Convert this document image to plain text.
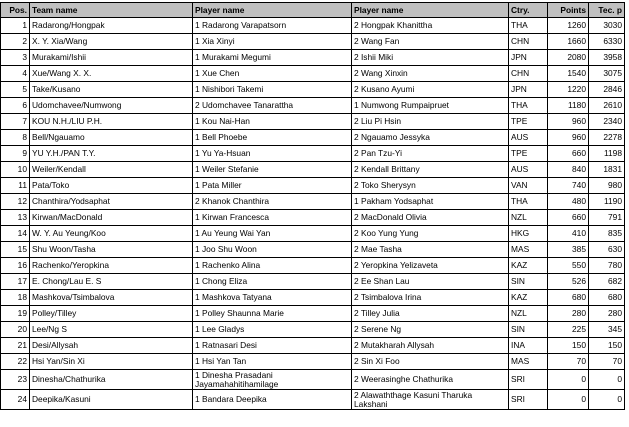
Pos.	Team name	Player name	Player name	Ctry.	Points	Tec. p
1	Radarong/Hongpak	1 Radarong Varapatsorn	2 Hongpak Khanittha	THA	1260	3030
2	X. Y. Xia/Wang	1 Xia Xinyi	2 Wang Fan	CHN	1660	6330
3	Murakami/Ishii	1 Murakami Megumi	2 Ishii Miki	JPN	2080	3958
4	Xue/Wang X. X.	1 Xue Chen	2 Wang Xinxin	CHN	1540	3075
5	Take/Kusano	1 Nishibori Takemi	2 Kusano Ayumi	JPN	1220	2846
6	Udomchavee/Numwong	2 Udomchavee Tanarattha	1 Numwong Rumpaipruet	THA	1180	2610
7	KOU N.H./LIU P.H.	1 Kou Nai-Han	2 Liu Pi Hsin	TPE	960	2340
8	Bell/Ngauamo	1 Bell Phoebe	2 Ngauamo Jessyka	AUS	960	2278
9	YU Y.H./PAN T.Y.	1 Yu Ya-Hsuan	2 Pan Tzu-Yi	TPE	660	1198
10	Weiler/Kendall	1 Weiler Stefanie	2 Kendall Brittany	AUS	840	1831
11	Pata/Toko	1 Pata Miller	2 Toko Sherysyn	VAN	740	980
12	Chanthira/Yodsaphat	2 Khanok Chanthira	1 Pakham Yodsaphat	THA	480	1190
13	Kirwan/MacDonald	1 Kirwan Francesca	2 MacDonald Olivia	NZL	660	791
14	W. Y. Au Yeung/Koo	1 Au Yeung Wai Yan	2 Koo Yung Yung	HKG	410	835
15	Shu Woon/Tasha	1 Joo Shu Woon	2 Mae Tasha	MAS	385	630
16	Rachenko/Yeropkina	1 Rachenko Alina	2 Yeropkina Yelizaveta	KAZ	550	780
17	E. Chong/Lau E. S	1 Chong Eliza	2 Ee Shan Lau	SIN	526	682
18	Mashkova/Tsimbalova	1 Mashkova Tatyana	2 Tsimbalova Irina	KAZ	680	680
19	Polley/Tilley	1 Polley Shaunna Marie	2 Tilley Julia	NZL	280	280
20	Lee/Ng S	1 Lee Gladys	2 Serene Ng	SIN	225	345
21	Desi/Allysah	1 Ratnasari Desi	2 Mutakharah Allysah	INA	150	150
22	Hsi Yan/Sin Xi	1 Hsi Yan Tan	2 Sin Xi Foo	MAS	70	70
23	Dinesha/Chathurika	1 Dinesha Prasadani Jayamahahitihamilage	2 Weerasinghe Chathurika	SRI	0	0
24	Deepika/Kasuni	1 Bandara Deepika	2 Alawaththage Kasuni Tharuka Lakshani	SRI	0	0
